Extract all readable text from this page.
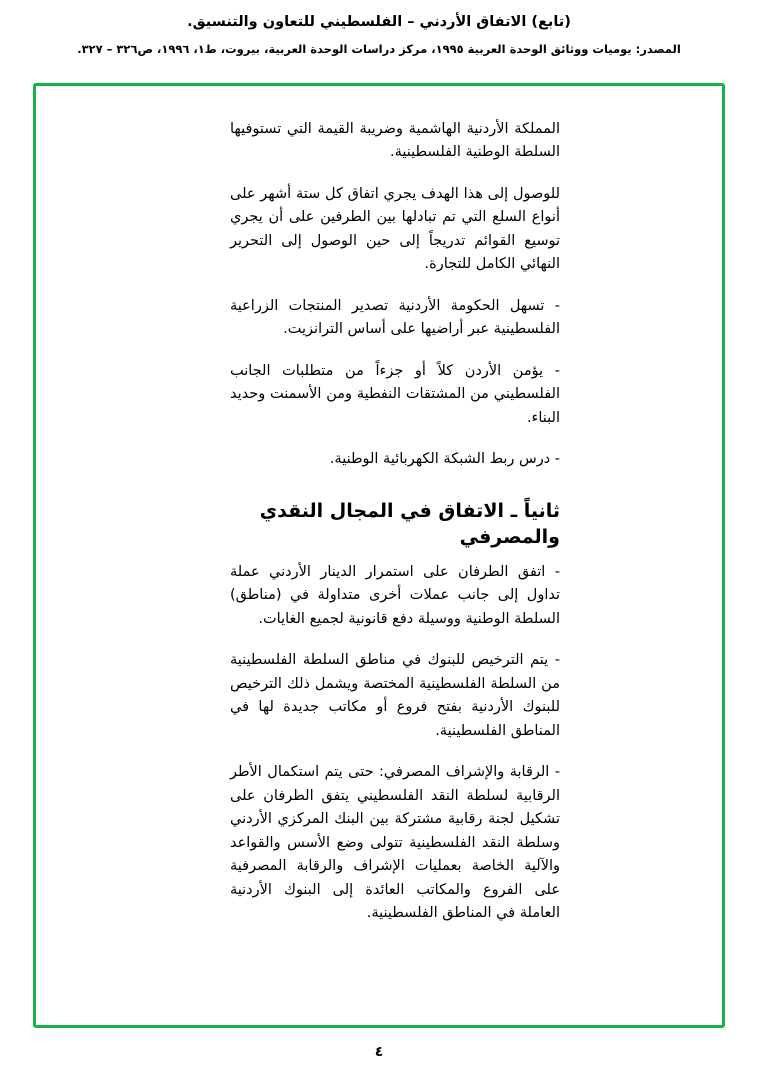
(تابع) الاتفاق الأردني – الفلسطيني للتعاون والتنسيق.
المصدر: يوميات ووثائق الوحدة العربية ١٩٩٥، مركز دراسات الوحدة العربية، بيروت، ط١، ١٩٩٦، ص٣٢٦ – ٣٢٧.

المملكة الأردنية الهاشمية وضريبة القيمة التي تستوفيها السلطة الوطنية الفلسطينية.

للوصول إلى هذا الهدف يجري اتفاق كل ستة أشهر على أنواع السلع التي تم تبادلها بين الطرفين على أن يجري توسيع القوائم تدريجاً إلى حين الوصول إلى التحرير النهائي الكامل للتجارة.

- تسهل الحكومة الأردنية تصدير المنتجات الزراعية الفلسطينية عبر أراضيها على أساس الترانزيت.

- يؤمن الأردن كلاً أو جزءاً من متطلبات الجانب الفلسطيني من المشتقات النفطية ومن الأسمنت وحديد البناء.

- درس ربط الشبكة الكهربائية الوطنية.

ثانياً ـ الاتفاق في المجال النقدي والمصرفي

- اتفق الطرفان على استمرار الدينار الأردني عملة تداول إلى جانب عملات أخرى متداولة في (مناطق) السلطة الوطنية ووسيلة دفع قانونية لجميع الغايات.

- يتم الترخيص للبنوك في مناطق السلطة الفلسطينية من السلطة الفلسطينية المختصة ويشمل ذلك الترخيص للبنوك الأردنية بفتح فروع أو مكاتب جديدة لها في المناطق الفلسطينية.

- الرقابة والإشراف المصرفي: حتى يتم استكمال الأطر الرقابية لسلطة النقد الفلسطيني يتفق الطرفان على تشكيل لجنة رقابية مشتركة بين البنك المركزي الأردني وسلطة النقد الفلسطينية تتولى وضع الأسس والقواعد والآلية الخاصة بعمليات الإشراف والرقابة المصرفية على الفروع والمكاتب العائدة إلى البنوك الأردنية العاملة في المناطق الفلسطينية.

٤
